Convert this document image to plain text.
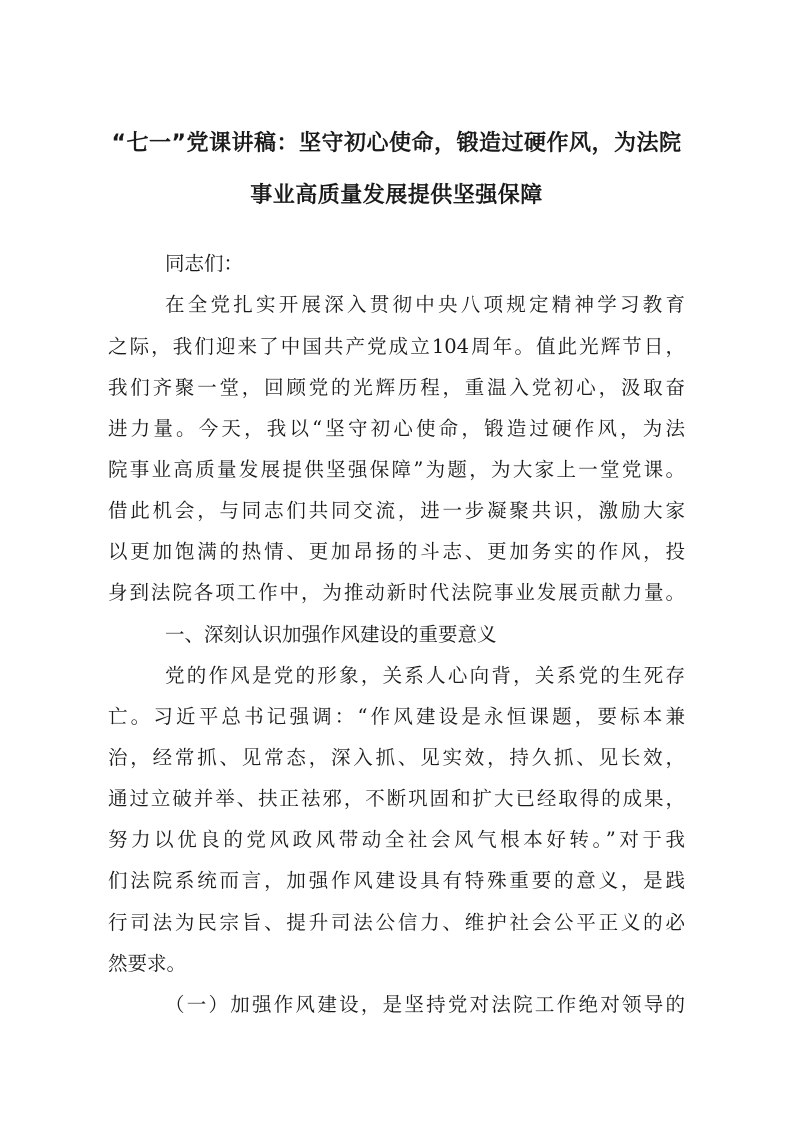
“七一”党课讲稿：坚守初心使命，锻造过硬作风，为法院
事业高质量发展提供坚强保障
同志们：
在全党扎实开展深入贯彻中央八项规定精神学习教育
之际，我们迎来了中国共产党成立104周年。值此光辉节日，
我们齐聚一堂，回顾党的光辉历程，重温入党初心，汲取奋
进力量。今天，我以“坚守初心使命，锻造过硬作风，为法
院事业高质量发展提供坚强保障”为题，为大家上一堂党课。
借此机会，与同志们共同交流，进一步凝聚共识，激励大家
以更加饱满的热情、更加昂扬的斗志、更加务实的作风，投
身到法院各项工作中，为推动新时代法院事业发展贡献力量。
一、深刻认识加强作风建设的重要意义
党的作风是党的形象，关系人心向背，关系党的生死存
亡。习近平总书记强调：“作风建设是永恒课题，要标本兼
治，经常抓、见常态，深入抓、见实效，持久抓、见长效，
通过立破并举、扶正祛邪，不断巩固和扩大已经取得的成果，
努力以优良的党风政风带动全社会风气根本好转。”对于我
们法院系统而言，加强作风建设具有特殊重要的意义，是践
行司法为民宗旨、提升司法公信力、维护社会公平正义的必
然要求。
（一）加强作风建设，是坚持党对法院工作绝对领导的
